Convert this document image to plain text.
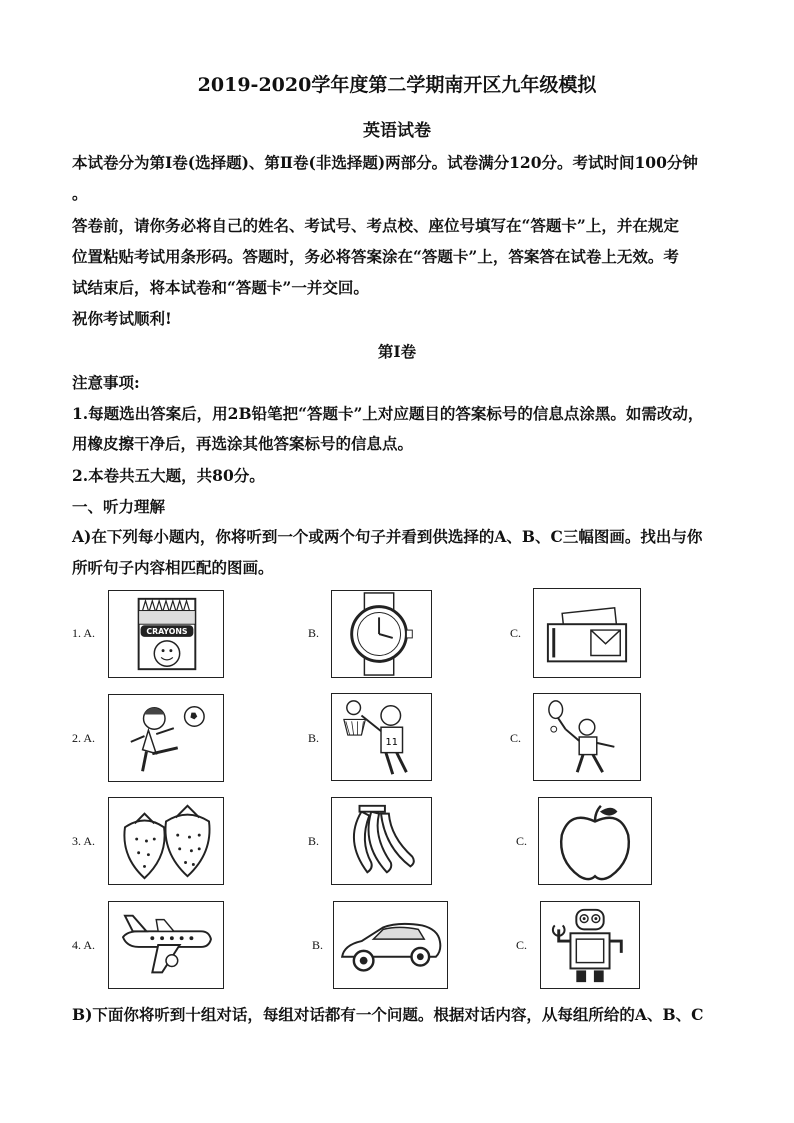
2019-2020学年度第二学期南开区九年级模拟
英语试卷
本试卷分为第Ⅰ卷(选择题)、第Ⅱ卷(非选择题)两部分。试卷满分120分。考试时间100分钟
。
答卷前，请你务必将自己的姓名、考试号、考点校、座位号填写在“答题卡”上，并在规定
位置粘贴考试用条形码。答题时，务必将答案涂在“答题卡”上，答案答在试卷上无效。考
试结束后，将本试卷和“答题卡”一并交回。
祝你考试顺利!
第Ⅰ卷
注意事项:
1.每题选出答案后，用2B铅笔把“答题卡”上对应题目的答案标号的信息点涂黑。如需改动，
用橡皮擦干净后，再选涂其他答案标号的信息点。
2.本卷共五大题，共80分。
一、听力理解
A)在下列每小题内，你将听到一个或两个句子并看到供选择的A、B、C三幅图画。找出与你
所听句子内容相匹配的图画。
1. A.	CRAYONS	B.	C.
2. A.	B.	11	C.
3. A.	B.	C.
4. A.	B.	C.
B)下面你将听到十组对话，每组对话都有一个问题。根据对话内容，从每组所给的A、B、C
